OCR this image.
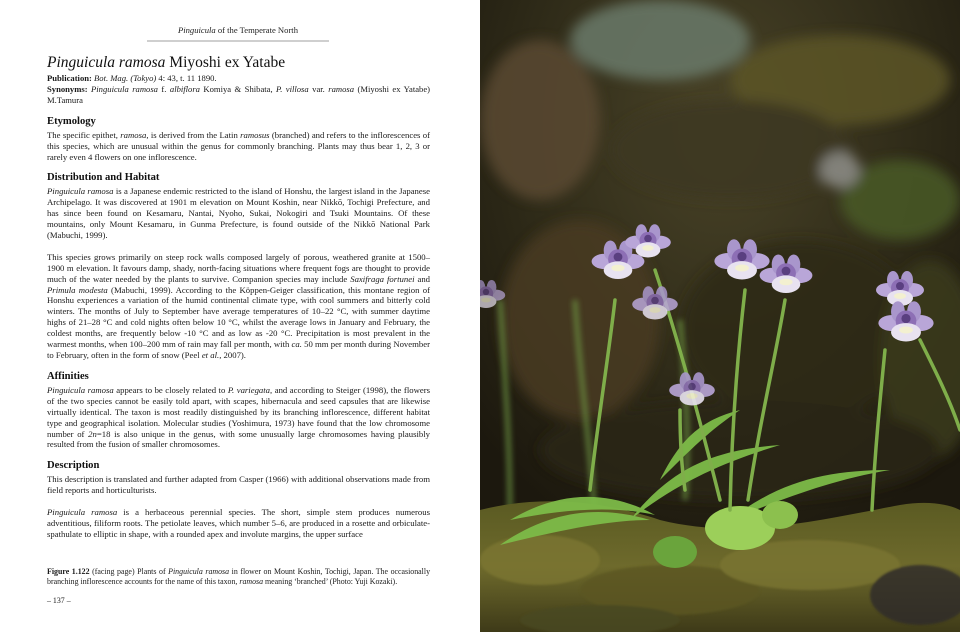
Pinguicula of the Temperate North
Pinguicula ramosa Miyoshi ex Yatabe
Publication: Bot. Mag. (Tokyo) 4: 43, t. 11 1890.
Synonyms: Pinguicula ramosa f. albiflora Komiya & Shibata, P. villosa var. ramosa (Miyoshi ex Yatabe) M.Tamura
Etymology

The specific epithet, ramosa, is derived from the Latin ramosus (branched) and refers to the inflorescences of this species, which are unusual within the genus for commonly branching. Plants may thus bear 1, 2, 3 or rarely even 4 flowers on one inflorescence.

Distribution and Habitat

Pinguicula ramosa is a Japanese endemic restricted to the island of Honshu, the largest island in the Japanese Archipelago. It was discovered at 1901 m elevation on Mount Koshin, near Nikkō, Tochigi Prefecture, and has since been found on Kesamaru, Nantai, Nyoho, Sukai, Nokogiri and Tsuki Mountains. Of these mountains, only Mount Kesamaru, in Gunma Prefecture, is found outside of the Nikkō National Park (Mabuchi, 1999).

This species grows primarily on steep rock walls composed largely of porous, weathered granite at 1500–1900 m elevation. It favours damp, shady, north-facing situations where frequent fogs are thought to provide much of the water needed by the plants to survive. Companion species may include Saxifraga fortunei and Primula modesta (Mabuchi, 1999). According to the Köppen-Geiger classification, this montane region of Honshu experiences a variation of the humid continental climate type, with cool summers and bitterly cold winters. The months of July to September have average temperatures of 10–22 °C, with summer daytime highs of 21–28 °C and cold nights often below 10 °C, whilst the average lows in January and February, the coldest months, are frequently below -10 °C and as low as -20 °C. Precipitation is most prevalent in the warmest months, when 100–200 mm of rain may fall per month, with ca. 50 mm per month during November to February, often in the form of snow (Peel et al., 2007).

Affinities

Pinguicula ramosa appears to be closely related to P. variegata, and according to Steiger (1998), the flowers of the two species cannot be easily told apart, with scapes, hibernacula and seed capsules that are likewise virtually identical. The taxon is most readily distinguished by its branching inflorescence, different habitat type and geographical isolation. Molecular studies (Yoshimura, 1973) have found that the low chromosome number of 2n=18 is also unique in the genus, with some unusually large chromosomes having plausibly resulted from the fusion of smaller chromosomes.

Description

This description is translated and further adapted from Casper (1966) with additional observations made from field reports and horticulturists.

Pinguicula ramosa is a herbaceous perennial species. The short, simple stem produces numerous adventitious, filiform roots. The petiolate leaves, which number 5–6, are produced in a rosette and orbiculate-spathulate to elliptic in shape, with a rounded apex and involute margins, the upper surface

Figure 1.122 (facing page) Plants of Pinguicula ramosa in flower on Mount Koshin, Tochigi, Japan. The occasionally branching inflorescence accounts for the name of this taxon, ramosa meaning ‘branched’ (Photo: Yuji Kozaki).
– 137 –
